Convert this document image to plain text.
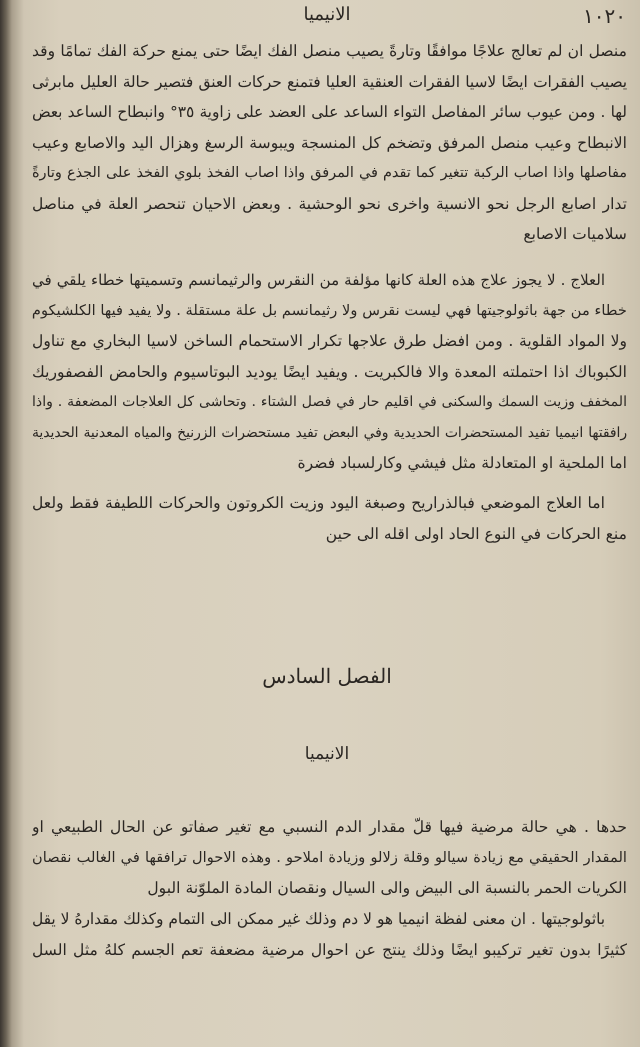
١٠٢٠
الانيميا
منصل ان لم تعالج علاجًا موافقًا وتارةً يصيب منصل الفك ايضًا حتى يمنع حركة الفك تمامًا وقد
يصيب الفقرات ايضًا لاسيا الفقرات العنقية العليا فتمنع حركات العنق فتصير حالة العليل مابرثى
لها . ومن عيوب سائر المفاصل التواء الساعد على العضد على زاوية ٣٥° وانبطاح الساعد بعض
الانبطاح وعيب منصل المرفق وتضخم كل المنسجة ويبوسة الرسغ وهزال اليد والاصابع وعيب
مفاصلها واذا اصاب الركبة تتغير كما تقدم في المرفق واذا اصاب الفخذ بلوي الفخذ على الجذع وتارةً
تدار اصابع الرجل نحو الانسية واخرى نحو الوحشية . وبعض الاحيان تنحصر العلة في مناصل
سلاميات الاصابع
العلاج . لا يجوز علاج هذه العلة كانها مؤلفة من النقرس والرثيمانسم وتسميتها خطاء يلقي في
خطاء من جهة باثولوجيتها فهي ليست نقرس ولا رثيمانسم بل علة مستقلة . ولا يفيد فيها الكلشيكوم
ولا المواد القلوية . ومن افضل طرق علاجها تكرار الاستحمام الساخن لاسيا البخاري مع تناول
الكبوباك اذا احتملته المعدة والا فالكبريت . ويفيد ايضًا يوديد البوتاسيوم والحامض الفصفوريك
المخفف وزيت السمك والسكنى في اقليم حار في فصل الشتاء . وتحاشى كل العلاجات المضعفة . واذا
رافقتها انيميا تفيد المستحضرات الحديدية وفي البعض تفيد مستحضرات الزرنيخ والمياه المعدنية الحديدية
اما الملحية او المتعادلة مثل فيشي وكارلسباد فضرة
اما العلاج الموضعي فبالذراريح وصبغة اليود وزيت الكروتون والحركات اللطيفة فقط ولعل
منع الحركات في النوع الحاد اولى اقله الى حين
الفصل السادس
الانيميا
حدها . هي حالة مرضية فيها قلّ مقدار الدم النسبي مع تغير صفاتو عن الحال الطبيعي او
المقدار الحقيقي مع زيادة سيالو وقلة زلالو وزيادة املاحو . وهذه الاحوال ترافقها في الغالب نقصان
الكريات الحمر بالنسبة الى البيض والى السيال ونقصان المادة الملوّنة البول
باثولوجيتها . ان معنى لفظة انيميا هو لا دم وذلك غير ممكن الى التمام وكذلك مقدارهُ لا يقل
كثيرًا بدون تغير تركيبو ايضًا وذلك ينتج عن احوال مرضية مضعفة تعم الجسم كلهُ مثل السل
